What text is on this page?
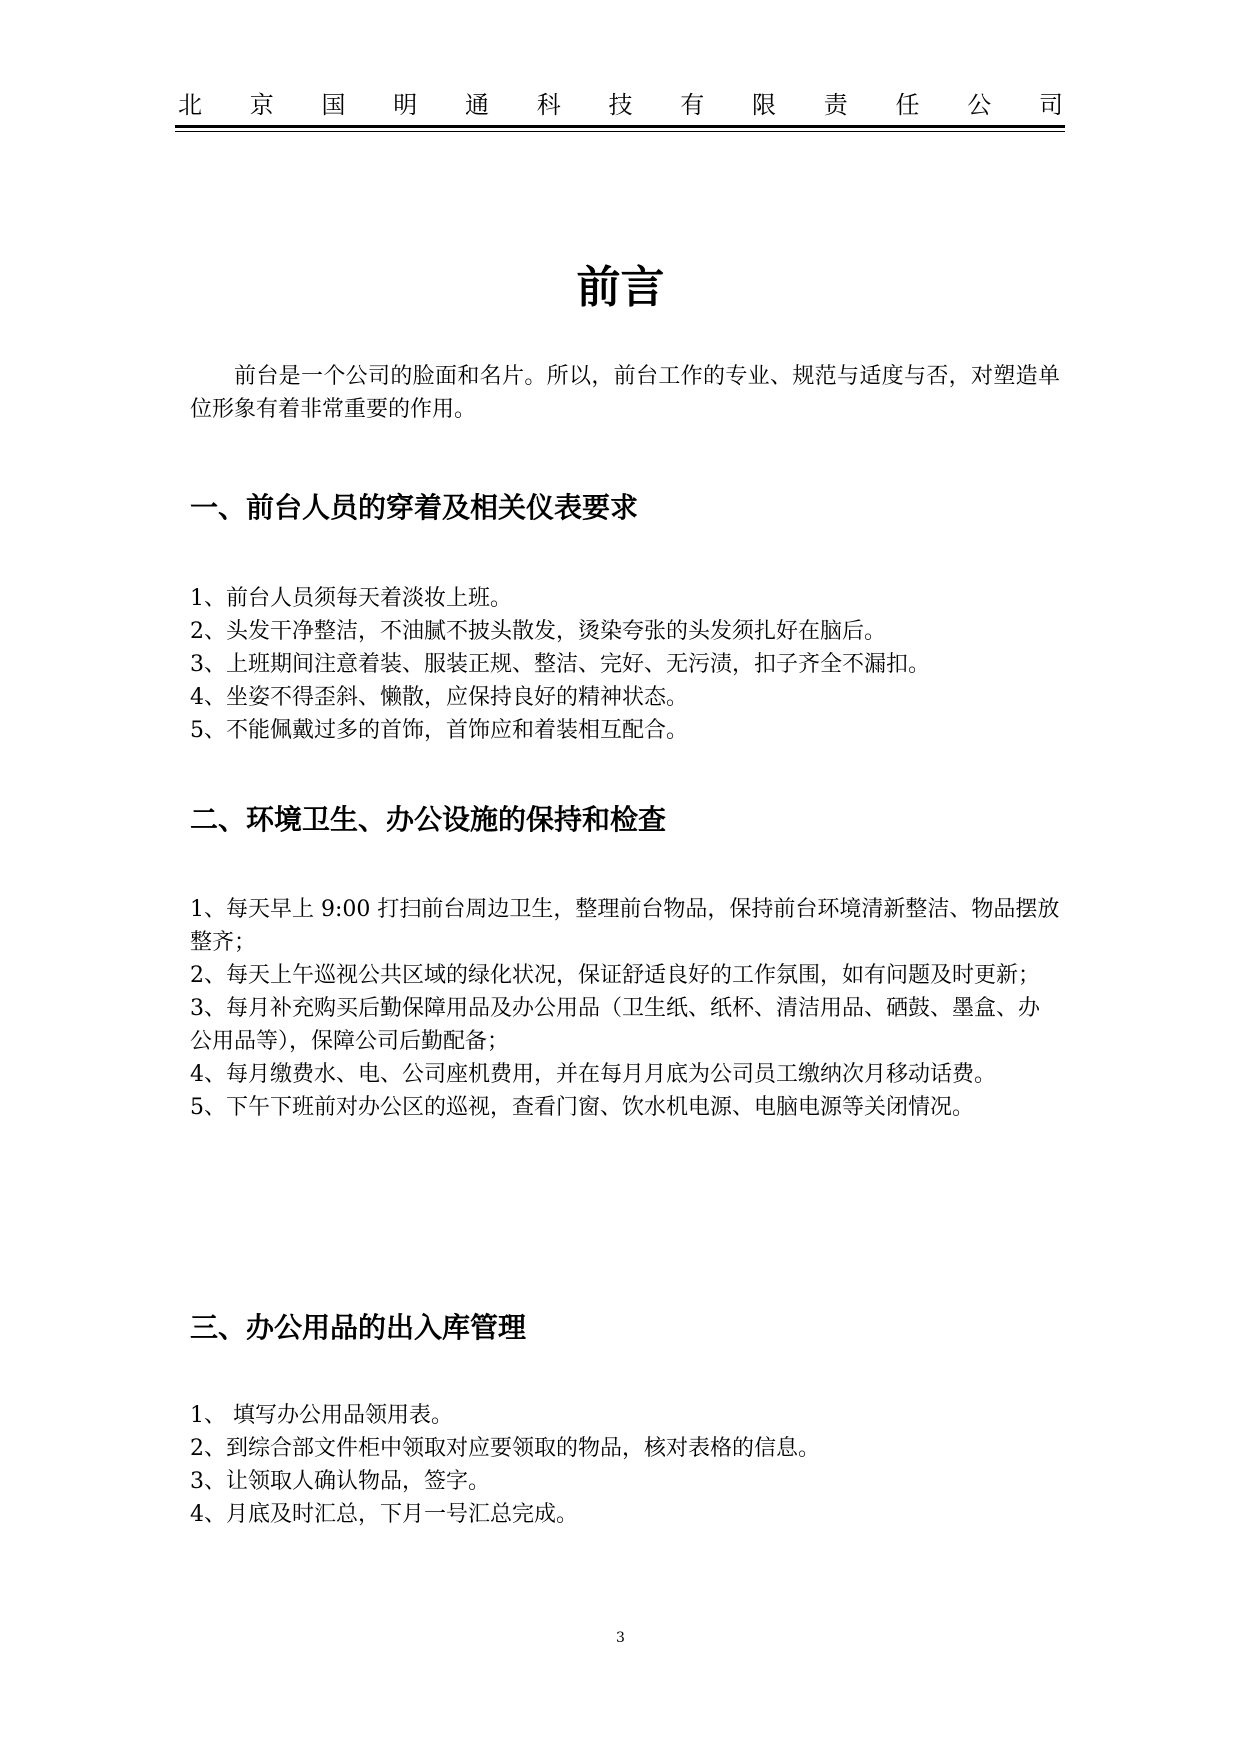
北 京 国 明 通 科 技 有 限 责 任 公 司
前言
前台是一个公司的脸面和名片。所以，前台工作的专业、规范与适度与否，对塑造单位形象有着非常重要的作用。
一、前台人员的穿着及相关仪表要求
1、前台人员须每天着淡妆上班。
2、头发干净整洁，不油腻不披头散发，烫染夸张的头发须扎好在脑后。
3、上班期间注意着装、服装正规、整洁、完好、无污渍，扣子齐全不漏扣。
4、坐姿不得歪斜、懒散，应保持良好的精神状态。
5、不能佩戴过多的首饰，首饰应和着装相互配合。
二、环境卫生、办公设施的保持和检查
1、每天早上 9:00 打扫前台周边卫生，整理前台物品，保持前台环境清新整洁、物品摆放整齐；
2、每天上午巡视公共区域的绿化状况，保证舒适良好的工作氛围，如有问题及时更新；
3、每月补充购买后勤保障用品及办公用品（卫生纸、纸杯、清洁用品、硒鼓、墨盒、办公用品等），保障公司后勤配备；
4、每月缴费水、电、公司座机费用，并在每月月底为公司员工缴纳次月移动话费。
5、下午下班前对办公区的巡视，查看门窗、饮水机电源、电脑电源等关闭情况。
三、办公用品的出入库管理
1、 填写办公用品领用表。
2、到综合部文件柜中领取对应要领取的物品，核对表格的信息。
3、让领取人确认物品，签字。
4、月底及时汇总，下月一号汇总完成。
3
